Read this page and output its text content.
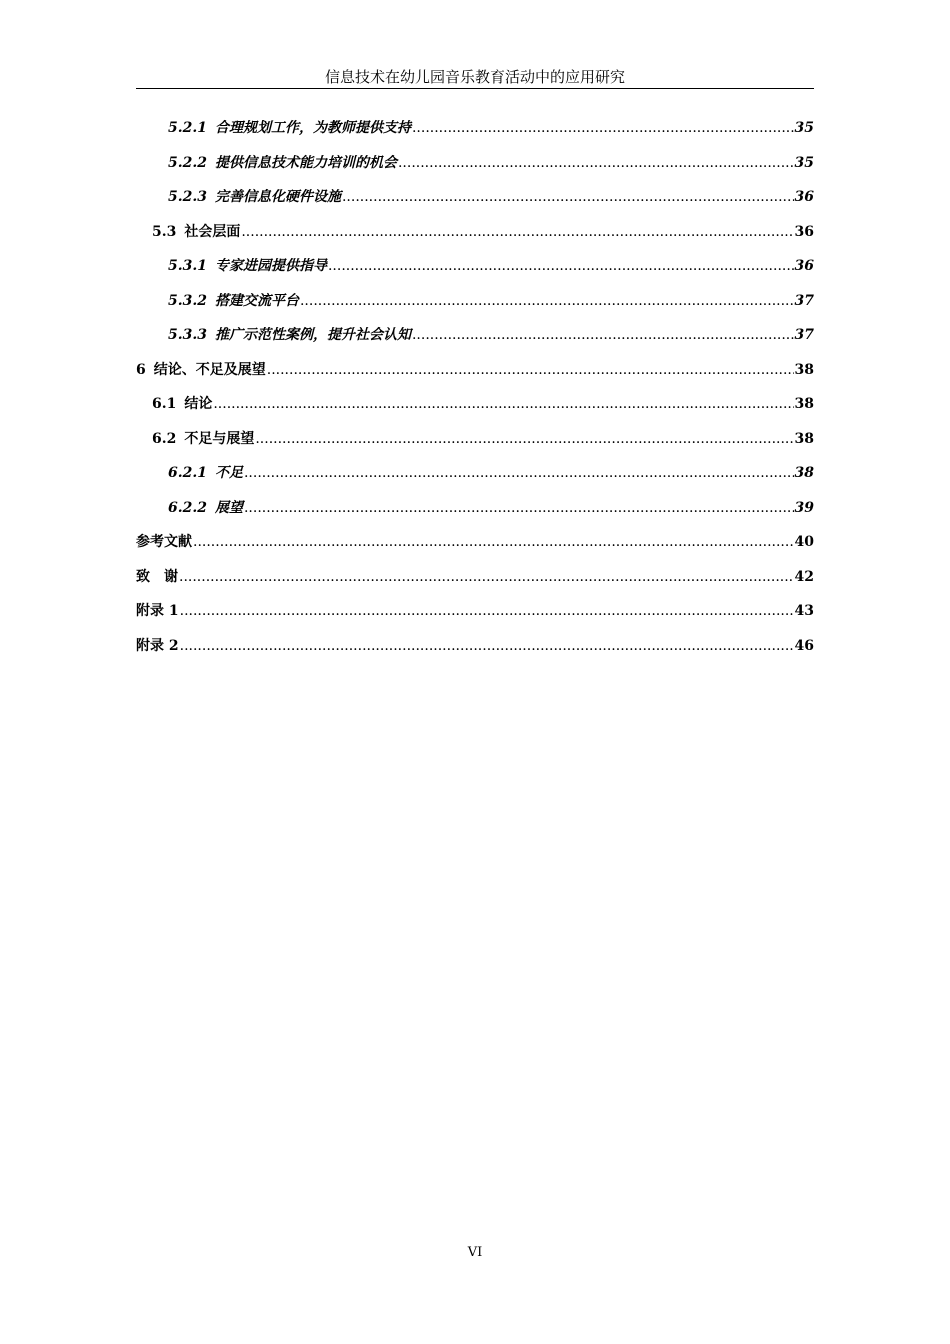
信息技术在幼儿园音乐教育活动中的应用研究
5.2.1 合理规划工作，为教师提供支持 .....	35
5.2.2 提供信息技术能力培训的机会 .....	35
5.2.3 完善信息化硬件设施 .....	36
5.3 社会层面 .....	36
5.3.1 专家进园提供指导 .....	36
5.3.2 搭建交流平台 .....	37
5.3.3 推广示范性案例，提升社会认知 .....	37
6 结论、不足及展望 .....	38
6.1 结论 .....	38
6.2 不足与展望 .....	38
6.2.1 不足 .....	38
6.2.2 展望 .....	39
参考文献 .....	40
致　谢 .....	42
附录 1 .....	43
附录 2 .....	46
VI
